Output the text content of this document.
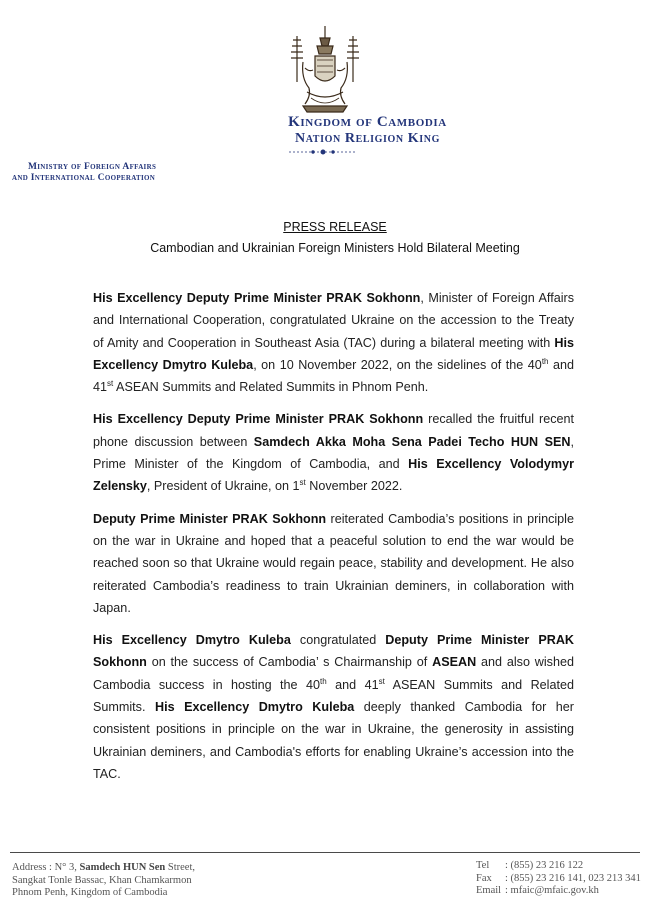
Kingdom of Cambodia
Nation Religion King
Ministry of Foreign Affairs
and International Cooperation
PRESS RELEASE
Cambodian and Ukrainian Foreign Ministers Hold Bilateral Meeting

His Excellency Deputy Prime Minister PRAK Sokhonn, Minister of Foreign Affairs and International Cooperation, congratulated Ukraine on the accession to the Treaty of Amity and Cooperation in Southeast Asia (TAC) during a bilateral meeting with His Excellency Dmytro Kuleba, on 10 November 2022, on the sidelines of the 40th and 41st ASEAN Summits and Related Summits in Phnom Penh.

His Excellency Deputy Prime Minister PRAK Sokhonn recalled the fruitful recent phone discussion between Samdech Akka Moha Sena Padei Techo HUN SEN, Prime Minister of the Kingdom of Cambodia, and His Excellency Volodymyr Zelensky, President of Ukraine, on 1st November 2022.

Deputy Prime Minister PRAK Sokhonn reiterated Cambodia’s positions in principle on the war in Ukraine and hoped that a peaceful solution to end the war would be reached soon so that Ukraine would regain peace, stability and development. He also reiterated Cambodia’s readiness to train Ukrainian deminers, in collaboration with Japan.

His Excellency Dmytro Kuleba congratulated Deputy Prime Minister PRAK Sokhonn on the success of Cambodia’ s Chairmanship of ASEAN and also wished Cambodia success in hosting the 40th and 41st ASEAN Summits and Related Summits. His Excellency Dmytro Kuleba deeply thanked Cambodia for her consistent positions in principle on the war in Ukraine, the generosity in assisting Ukrainian deminers, and Cambodia's efforts for enabling Ukraine’s accession into the TAC.

Address : N° 3, Samdech HUN Sen Street,
Sangkat Tonle Bassac, Khan Chamkarmon
Phnom Penh, Kingdom of Cambodia
Tel : (855) 23 216 122
Fax : (855) 23 216 141, 023 213 341
Email : mfaic@mfaic.gov.kh
